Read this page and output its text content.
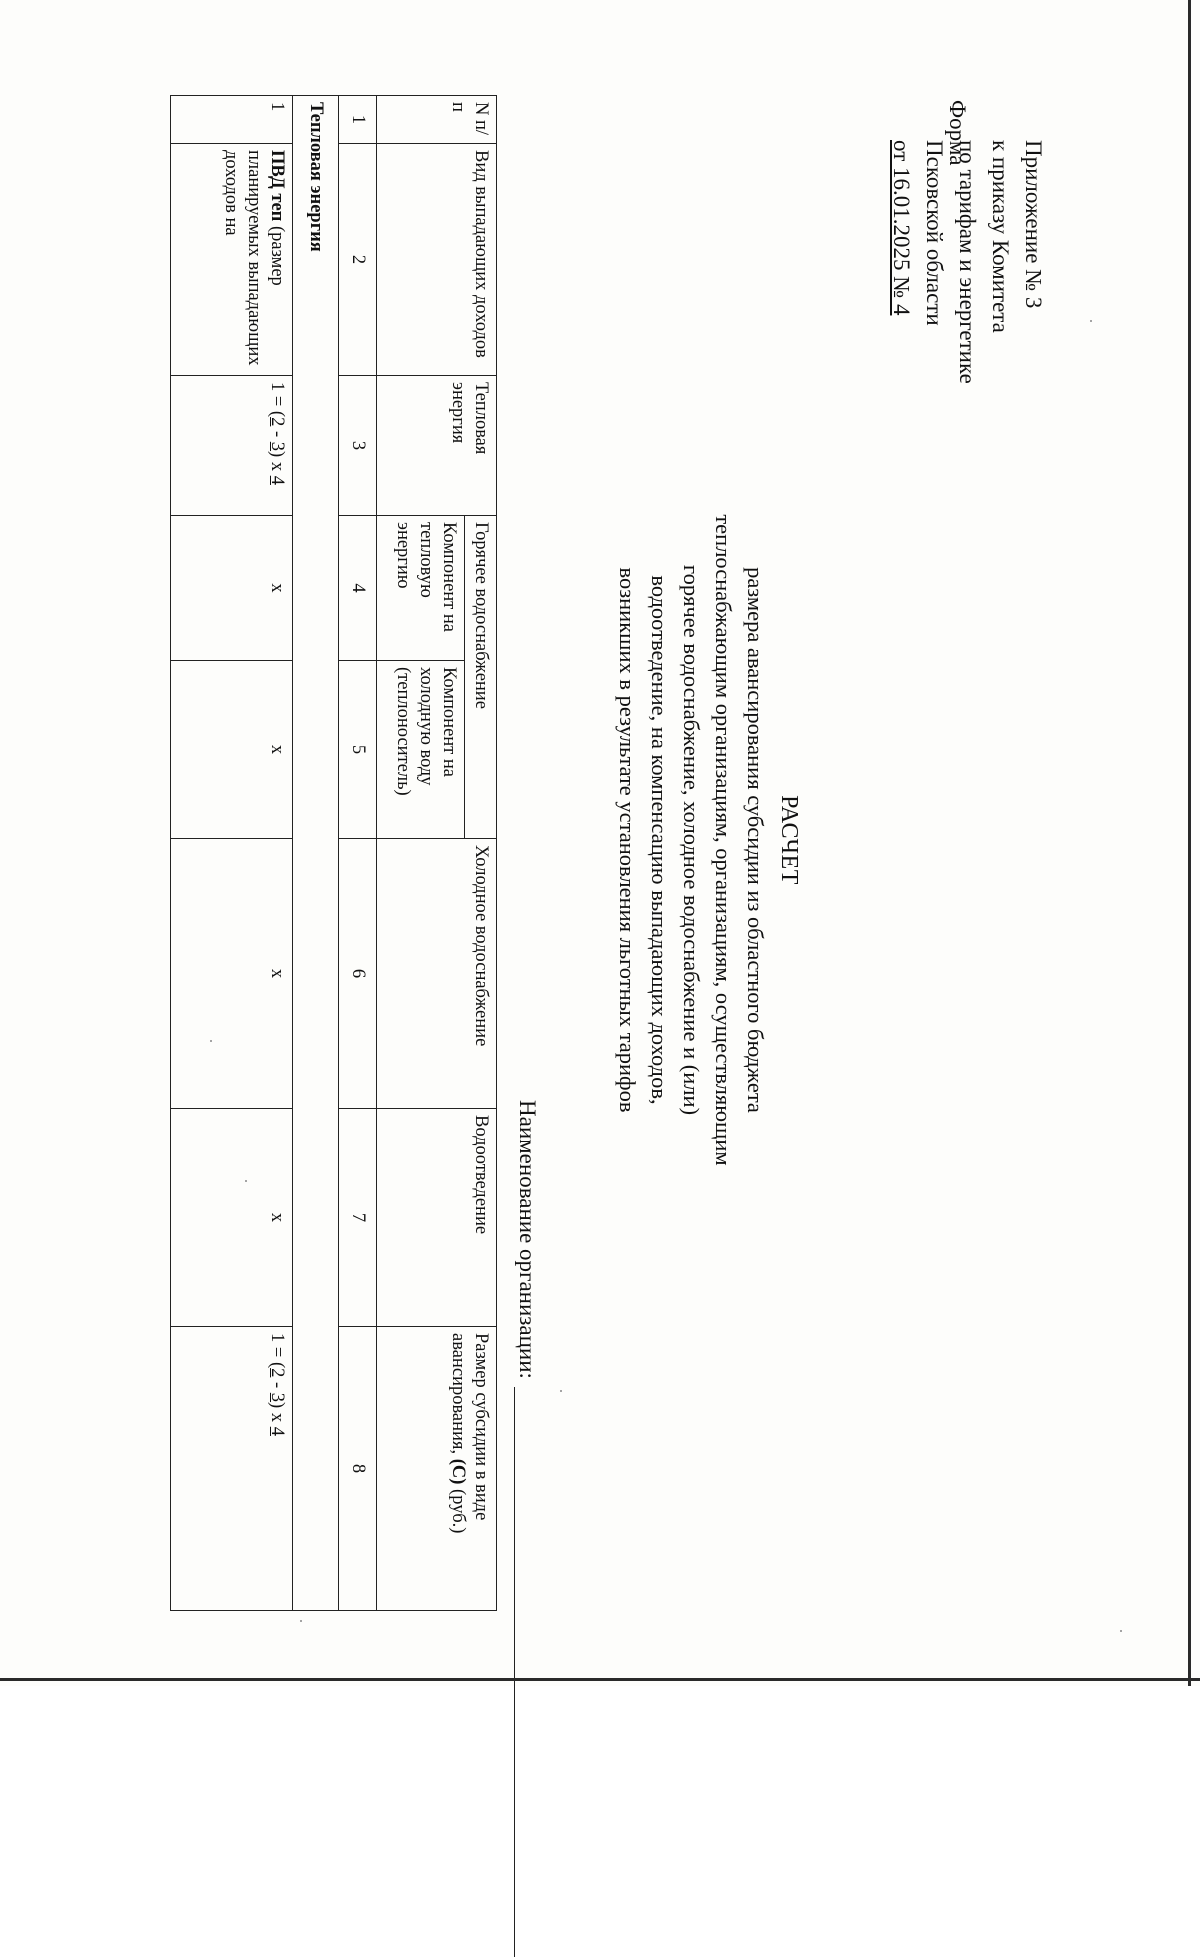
Приложение № 3
к приказу Комитета
по тарифам и энергетике
Псковской области
от 16.01.2025 № 4
Форма
РАСЧЕТ
размера авансирования субсидии из областного бюджета
теплоснабжающим организациям, организациям, осуществляющим
горячее водоснабжение, холодное водоснабжение и (или)
водоотведение, на компенсацию выпадающих доходов,
возникших в результате установления льготных тарифов
Наименование организации:
N п/п	Вид выпадающих доходов	Тепловая энергия	Горячее водоснабжение		Холодное водоснабжение	Водоотведение	Размер субсидии в виде авансирования, (С) (руб.)
			Компонент на тепловую энергию	Компонент на холодную воду (теплоноситель)			
1	2	3	4	5	6	7	8
Тепловая энергия							
1	ПВД теп (размер планируемых выпадающих доходов на	1 = (2 - 3) x 4	x	x	x	x	1 = (2 - 3) x 4
